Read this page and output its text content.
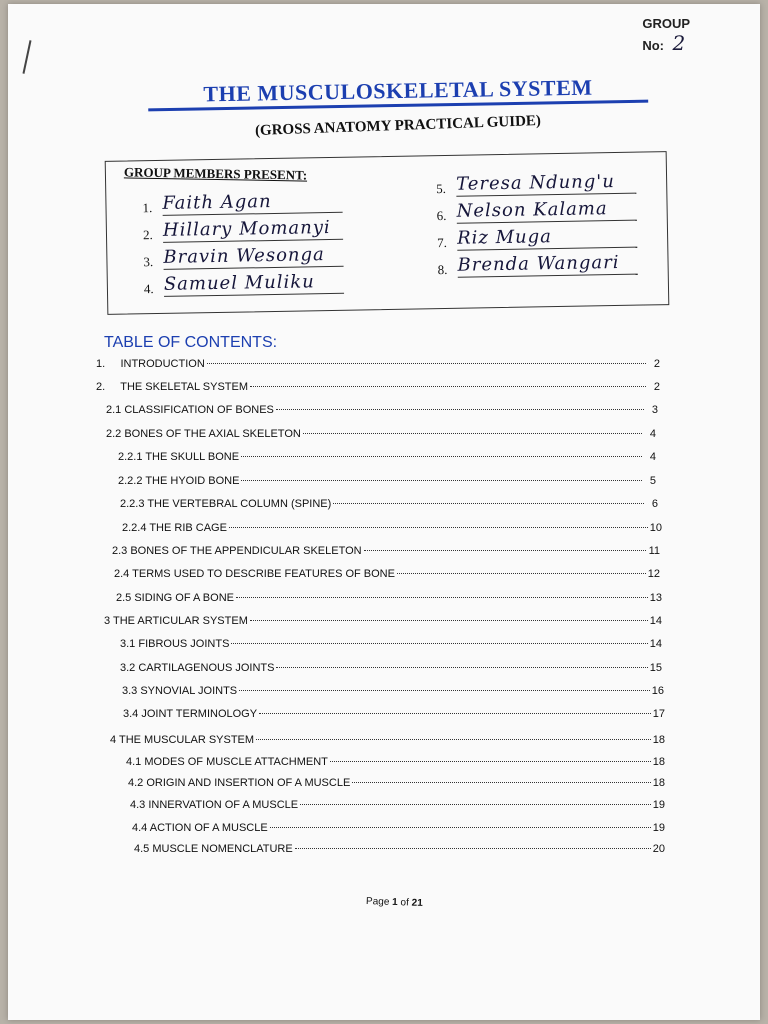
GROUP
No: 2
THE MUSCULOSKELETAL SYSTEM
(GROSS ANATOMY PRACTICAL GUIDE)
GROUP MEMBERS PRESENT:
1. Faith Agan
2. Hillary Momanyi
3. Bravin Wesonga
4. Samuel Muliku
5. Teresa Ndung'u
6. Nelson Kalama
7. Riz Muga
8. Brenda Wangari
TABLE OF CONTENTS:
1.     INTRODUCTION	2
2.     THE SKELETAL SYSTEM	2
2.1 CLASSIFICATION OF BONES	3
2.2 BONES OF THE AXIAL SKELETON	4
2.2.1 THE SKULL BONE	4
2.2.2 THE HYOID BONE	5
2.2.3 THE VERTEBRAL COLUMN (SPINE)	6
2.2.4 THE RIB CAGE	10
2.3 BONES OF THE APPENDICULAR SKELETON	11
2.4 TERMS USED TO DESCRIBE FEATURES OF BONE	12
2.5 SIDING OF A BONE	13
3 THE ARTICULAR SYSTEM	14
3.1 FIBROUS JOINTS	14
3.2 CARTILAGENOUS JOINTS	15
3.3 SYNOVIAL JOINTS	16
3.4 JOINT TERMINOLOGY	17
4 THE MUSCULAR SYSTEM	18
4.1 MODES OF MUSCLE ATTACHMENT	18
4.2 ORIGIN AND INSERTION OF A MUSCLE	18
4.3 INNERVATION OF A MUSCLE	19
4.4 ACTION OF A MUSCLE	19
4.5 MUSCLE NOMENCLATURE	20
Page 1 of 21
